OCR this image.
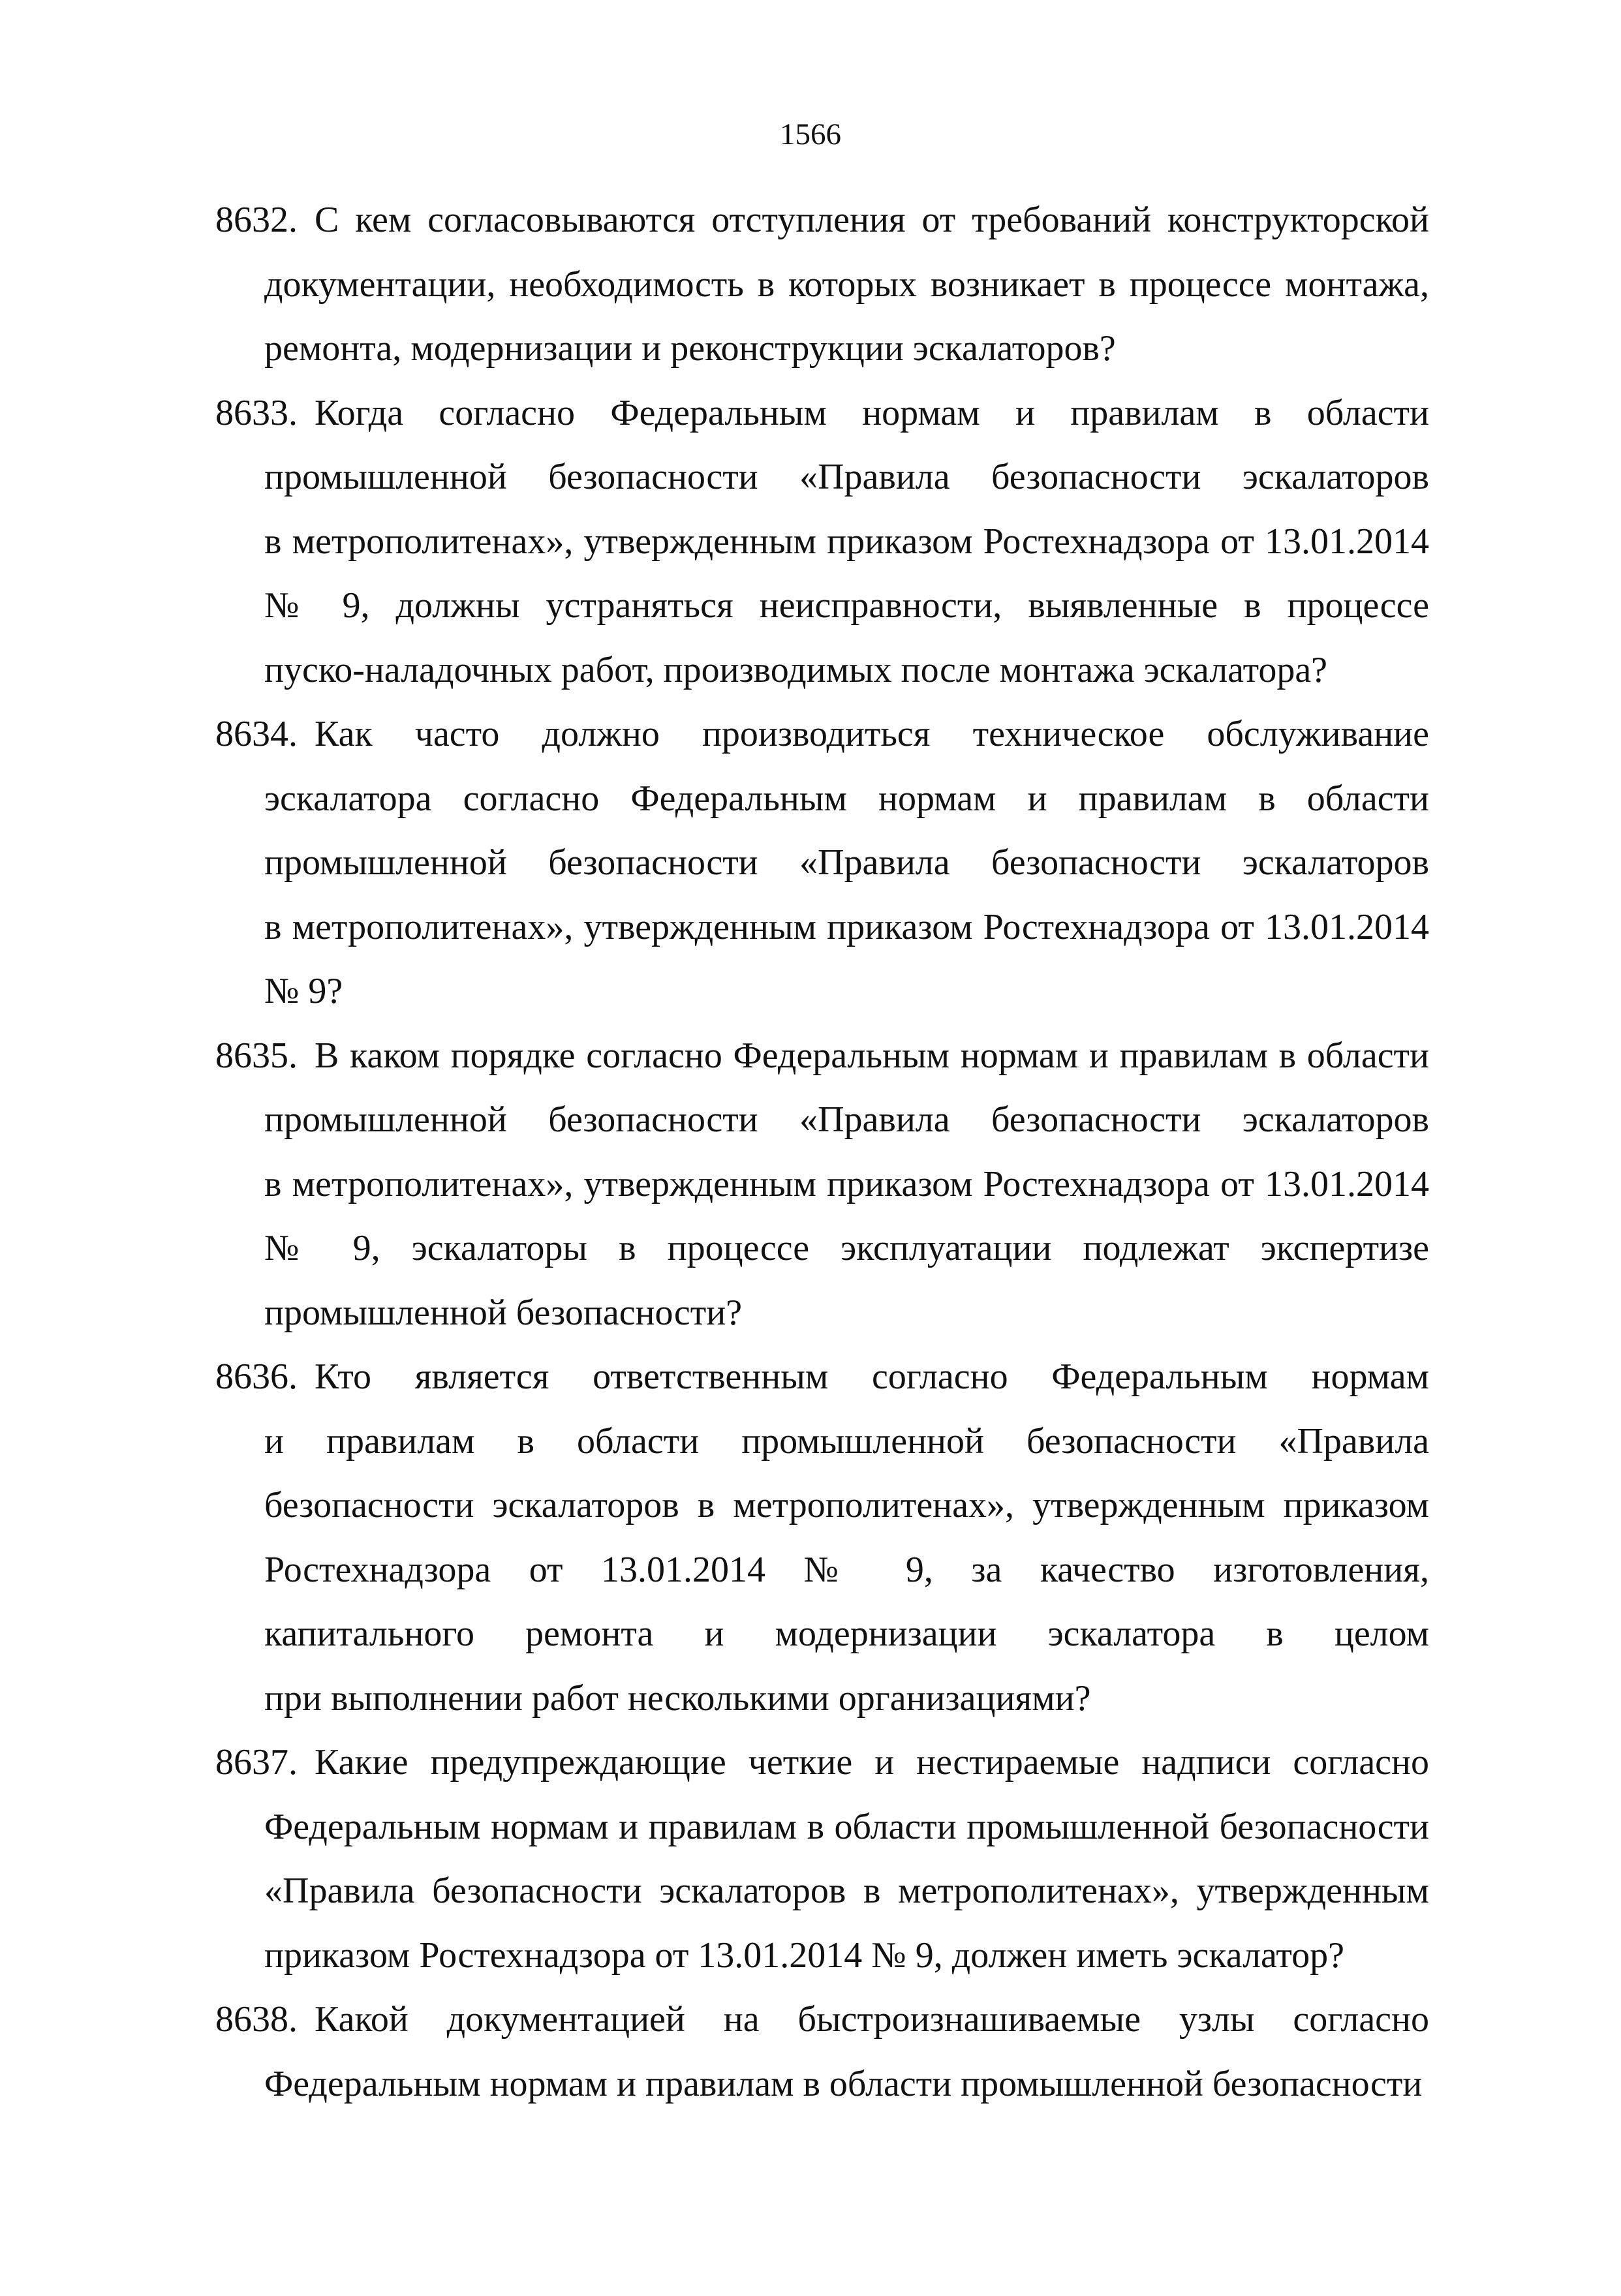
1566
8632. С кем согласовываются отступления от требований конструкторской
документации, необходимость в которых возникает в процессе монтажа,
ремонта, модернизации и реконструкции эскалаторов?
8633. Когда согласно Федеральным нормам и правилам в области
промышленной безопасности «Правила безопасности эскалаторов
в метрополитенах», утвержденным приказом Ростехнадзора от 13.01.2014
№ 9, должны устраняться неисправности, выявленные в процессе
пуско-наладочных работ, производимых после монтажа эскалатора?
8634. Как часто должно производиться техническое обслуживание
эскалатора согласно Федеральным нормам и правилам в области
промышленной безопасности «Правила безопасности эскалаторов
в метрополитенах», утвержденным приказом Ростехнадзора от 13.01.2014
№ 9?
8635. В каком порядке согласно Федеральным нормам и правилам в области
промышленной безопасности «Правила безопасности эскалаторов
в метрополитенах», утвержденным приказом Ростехнадзора от 13.01.2014
№ 9, эскалаторы в процессе эксплуатации подлежат экспертизе
промышленной безопасности?
8636. Кто является ответственным согласно Федеральным нормам
и правилам в области промышленной безопасности «Правила
безопасности эскалаторов в метрополитенах», утвержденным приказом
Ростехнадзора от 13.01.2014 № 9, за качество изготовления,
капитального ремонта и модернизации эскалатора в целом
при выполнении работ несколькими организациями?
8637. Какие предупреждающие четкие и нестираемые надписи согласно
Федеральным нормам и правилам в области промышленной безопасности
«Правила безопасности эскалаторов в метрополитенах», утвержденным
приказом Ростехнадзора от 13.01.2014 № 9, должен иметь эскалатор?
8638. Какой документацией на быстроизнашиваемые узлы согласно
Федеральным нормам и правилам в области промышленной безопасности
